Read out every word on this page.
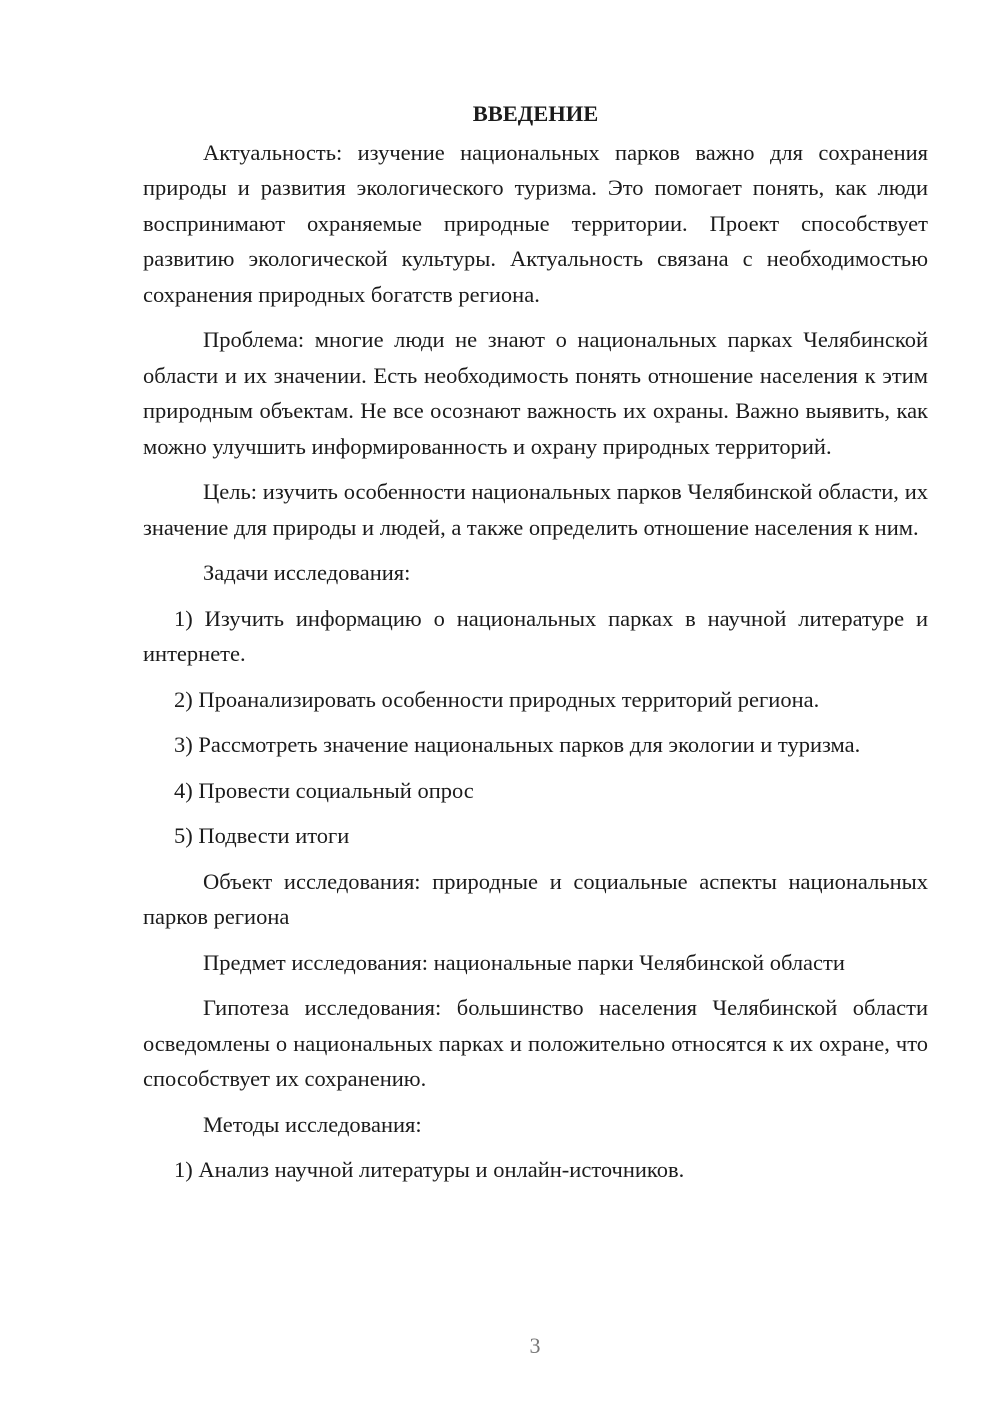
ВВЕДЕНИЕ

Актуальность: изучение национальных парков важно для сохранения природы и развития экологического туризма. Это помогает понять, как люди воспринимают охраняемые природные территории. Проект способствует развитию экологической культуры. Актуальность связана с необходимостью сохранения природных богатств региона.

Проблема: многие люди не знают о национальных парках Челябинской области и их значении. Есть необходимость понять отношение населения к этим природным объектам. Не все осознают важность их охраны. Важно выявить, как можно улучшить информированность и охрану природных территорий.

Цель: изучить особенности национальных парков Челябинской области, их значение для природы и людей, а также определить отношение населения к ним.

Задачи исследования:

1) Изучить информацию о национальных парках в научной литературе и интернете.

2) Проанализировать особенности природных территорий региона.

3) Рассмотреть значение национальных парков для экологии и туризма.

4) Провести социальный опрос

5) Подвести итоги

Объект исследования: природные и социальные аспекты национальных парков региона

Предмет исследования: национальные парки Челябинской области

Гипотеза исследования: большинство населения Челябинской области осведомлены о национальных парках и положительно относятся к их охране, что способствует их сохранению.

Методы исследования:

1) Анализ научной литературы и онлайн-источников.

3
